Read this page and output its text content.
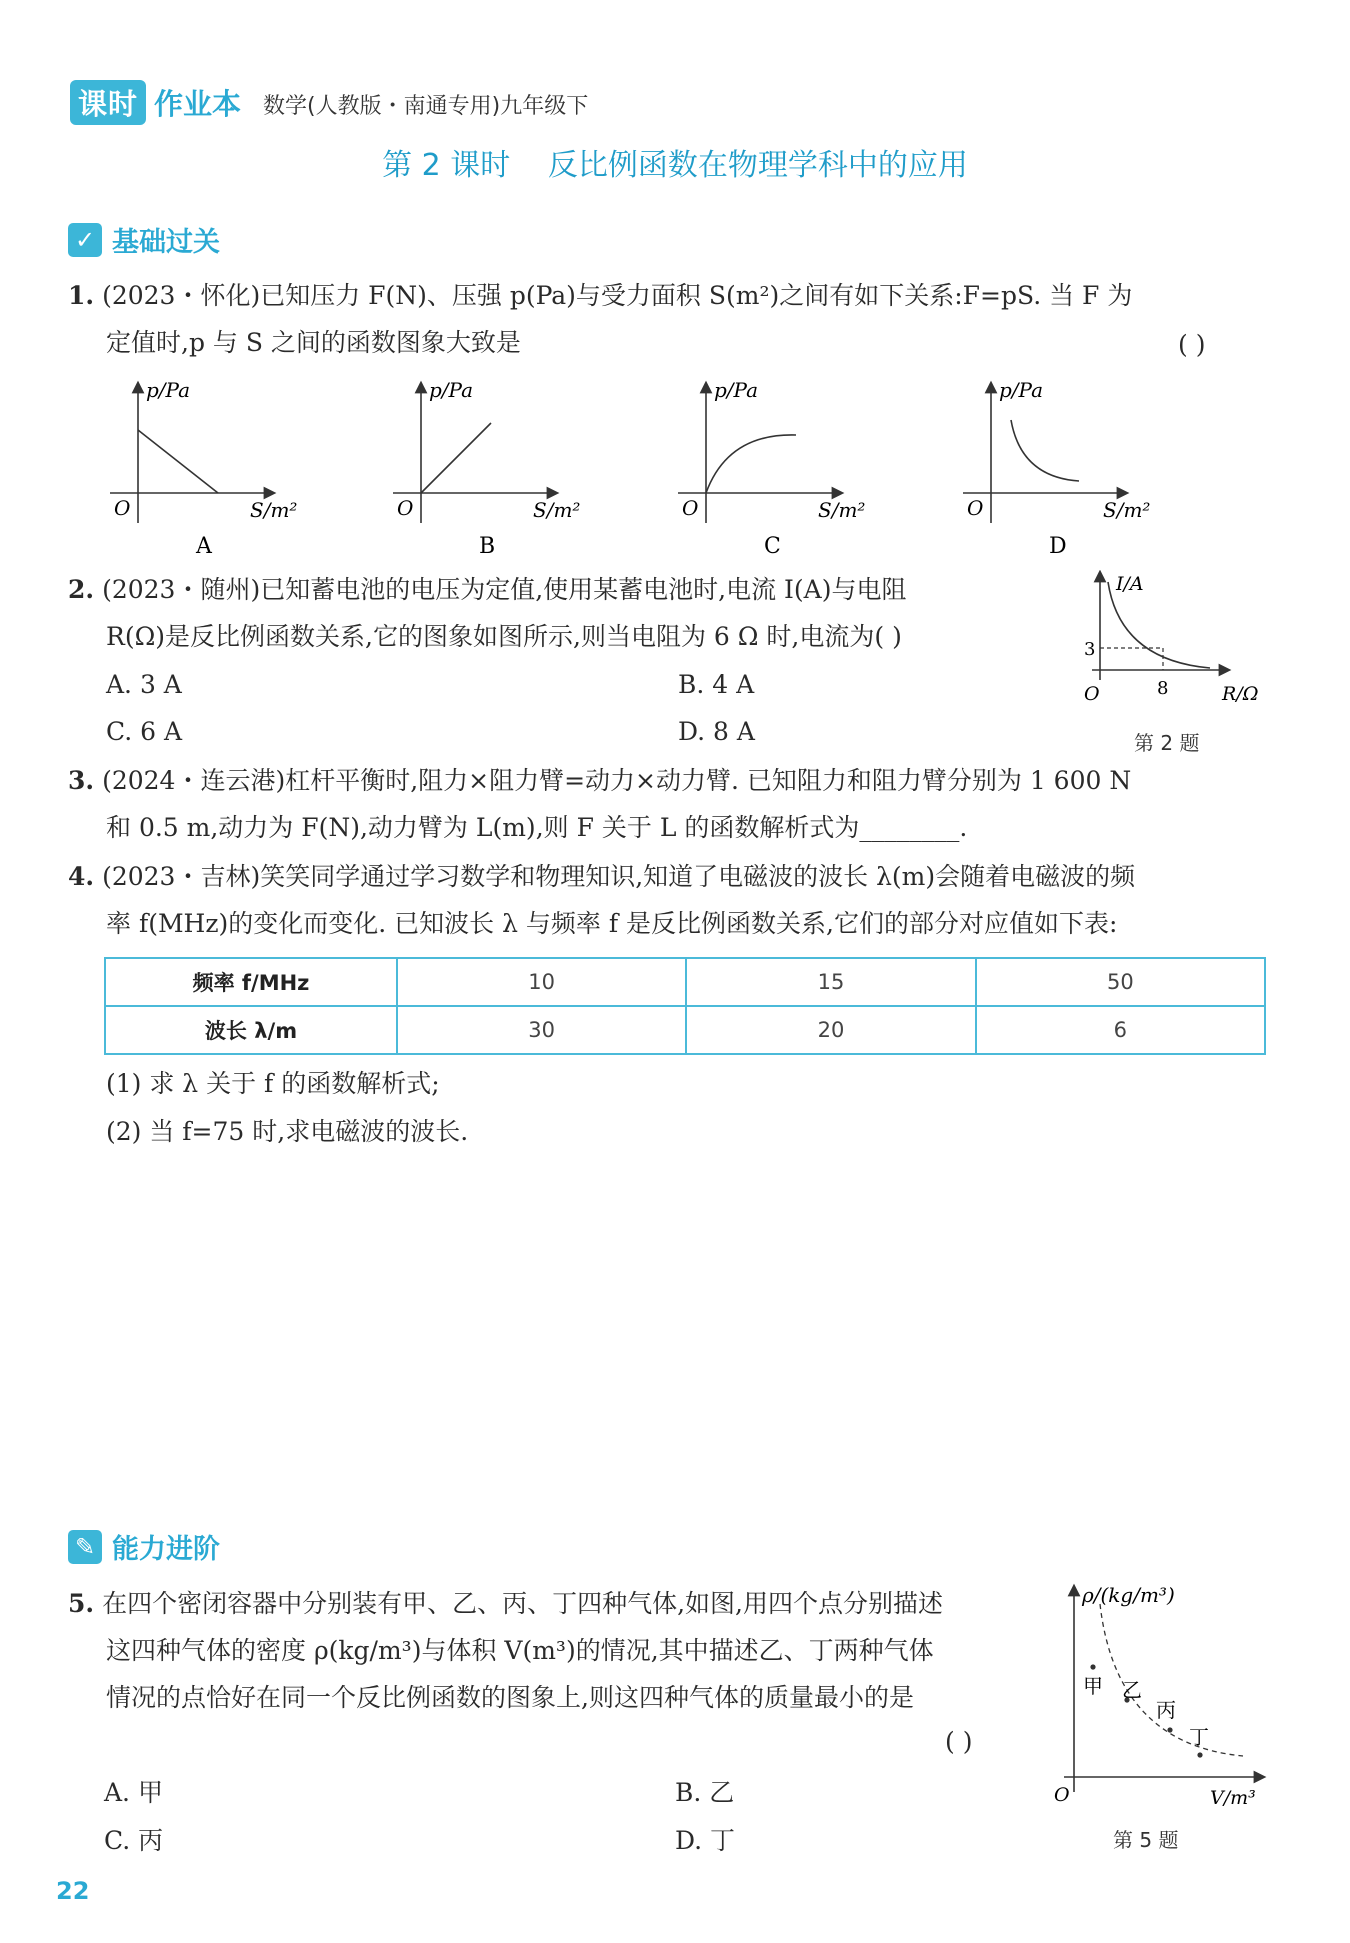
课时 作业本 数学(人教版・南通专用)九年级下
第 2 课时 反比例函数在物理学科中的应用
✓ 基础过关
1. (2023・怀化)已知压力 F(N)、压强 p(Pa)与受力面积 S(m²)之间有如下关系:F=pS. 当 F 为
定值时,p 与 S 之间的函数图象大致是	( )
p/Pa
O	S/m²
A
p/Pa
O	S/m²
B
p/Pa
O	S/m²
C
p/Pa
O	S/m²
D
2. (2023・随州)已知蓄电池的电压为定值,使用某蓄电池时,电流 I(A)与电阻
R(Ω)是反比例函数关系,它的图象如图所示,则当电阻为 6 Ω 时,电流为( )
A. 3 A	B. 4 A
C. 6 A	D. 8 A
I/A
3
8
O	R/Ω
第 2 题
3. (2024・连云港)杠杆平衡时,阻力×阻力臂=动力×动力臂. 已知阻力和阻力臂分别为 1 600 N
和 0.5 m,动力为 F(N),动力臂为 L(m),则 F 关于 L 的函数解析式为________.
4. (2023・吉林)笑笑同学通过学习数学和物理知识,知道了电磁波的波长 λ(m)会随着电磁波的频
率 f(MHz)的变化而变化. 已知波长 λ 与频率 f 是反比例函数关系,它们的部分对应值如下表:
频率 f/MHz	10	15	50
波长 λ/m	30	20	6
(1) 求 λ 关于 f 的函数解析式;
(2) 当 f=75 时,求电磁波的波长.
✎ 能力进阶
5. 在四个密闭容器中分别装有甲、乙、丙、丁四种气体,如图,用四个点分别描述
这四种气体的密度 ρ(kg/m³)与体积 V(m³)的情况,其中描述乙、丁两种气体
情况的点恰好在同一个反比例函数的图象上,则这四种气体的质量最小的是
( )
A. 甲	B. 乙
C. 丙	D. 丁
ρ/(kg/m³)
甲 乙
丙
丁
O	V/m³
第 5 题
22
